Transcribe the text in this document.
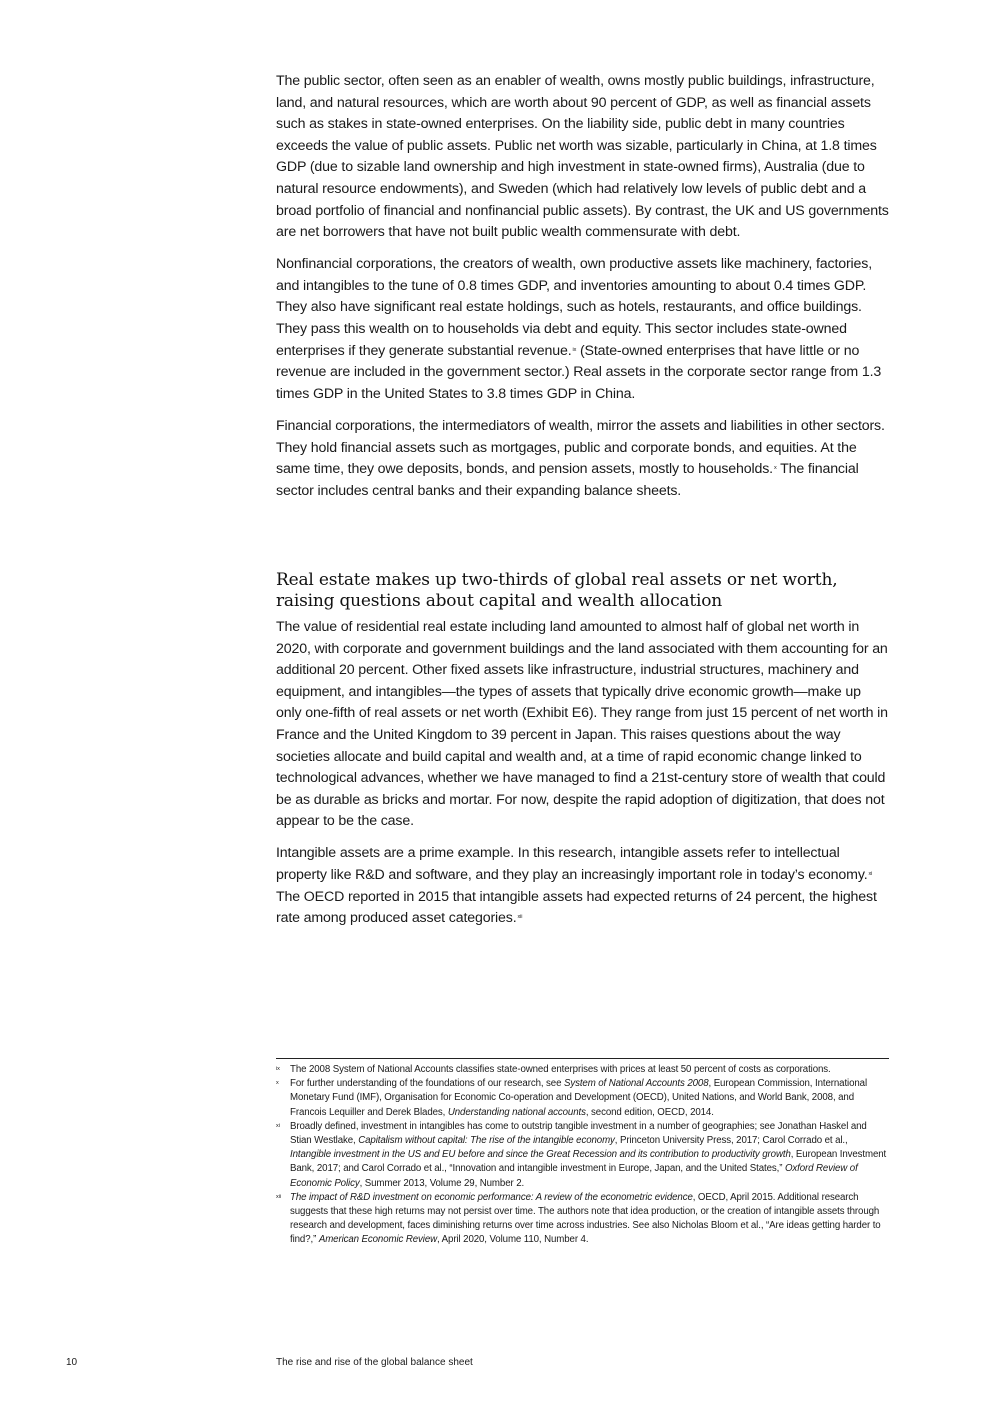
The public sector, often seen as an enabler of wealth, owns mostly public buildings, infrastructure, land, and natural resources, which are worth about 90 percent of GDP, as well as financial assets such as stakes in state-owned enterprises. On the liability side, public debt in many countries exceeds the value of public assets. Public net worth was sizable, particularly in China, at 1.8 times GDP (due to sizable land ownership and high investment in state-owned firms), Australia (due to natural resource endowments), and Sweden (which had relatively low levels of public debt and a broad portfolio of financial and nonfinancial public assets). By contrast, the UK and US governments are net borrowers that have not built public wealth commensurate with debt.

Nonfinancial corporations, the creators of wealth, own productive assets like machinery, factories, and intangibles to the tune of 0.8 times GDP, and inventories amounting to about 0.4 times GDP. They also have significant real estate holdings, such as hotels, restaurants, and office buildings. They pass this wealth on to households via debt and equity. This sector includes state-owned enterprises if they generate substantial revenue.$^{ix}$ (State-owned enterprises that have little or no revenue are included in the government sector.) Real assets in the corporate sector range from 1.3 times GDP in the United States to 3.8 times GDP in China.

Financial corporations, the intermediators of wealth, mirror the assets and liabilities in other sectors. They hold financial assets such as mortgages, public and corporate bonds, and equities. At the same time, they owe deposits, bonds, and pension assets, mostly to households.$^x$ The financial sector includes central banks and their expanding balance sheets.

Real estate makes up two-thirds of global real assets or net worth,
raising questions about capital and wealth allocation

The value of residential real estate including land amounted to almost half of global net worth in 2020, with corporate and government buildings and the land associated with them accounting for an additional 20 percent. Other fixed assets like infrastructure, industrial structures, machinery and equipment, and intangibles—the types of assets that typically drive economic growth—make up only one-fifth of real assets or net worth (Exhibit E6). They range from just 15 percent of net worth in France and the United Kingdom to 39 percent in Japan. This raises questions about the way societies allocate and build capital and wealth and, at a time of rapid economic change linked to technological advances, whether we have managed to find a 21st-century store of wealth that could be as durable as bricks and mortar. For now, despite the rapid adoption of digitization, that does not appear to be the case.

Intangible assets are a prime example. In this research, intangible assets refer to intellectual property like R&D and software, and they play an increasingly important role in today’s economy.$^{xi}$ The OECD reported in 2015 that intangible assets had expected returns of 24 percent, the highest rate among produced asset categories.$^{xii}$

ix The 2008 System of National Accounts classifies state-owned enterprises with prices at least 50 percent of costs as corporations.
x For further understanding of the foundations of our research, see System of National Accounts 2008, European Commission, International Monetary Fund (IMF), Organisation for Economic Co-operation and Development (OECD), United Nations, and World Bank, 2008, and Francois Lequiller and Derek Blades, Understanding national accounts, second edition, OECD, 2014.
xi Broadly defined, investment in intangibles has come to outstrip tangible investment in a number of geographies; see Jonathan Haskel and Stian Westlake, Capitalism without capital: The rise of the intangible economy, Princeton University Press, 2017; Carol Corrado et al., Intangible investment in the US and EU before and since the Great Recession and its contribution to productivity growth, European Investment Bank, 2017; and Carol Corrado et al., “Innovation and intangible investment in Europe, Japan, and the United States,” Oxford Review of Economic Policy, Summer 2013, Volume 29, Number 2.
xii The impact of R&D investment on economic performance: A review of the econometric evidence, OECD, April 2015. Additional research suggests that these high returns may not persist over time. The authors note that idea production, or the creation of intangible assets through research and development, faces diminishing returns over time across industries. See also Nicholas Bloom et al., “Are ideas getting harder to find?,” American Economic Review, April 2020, Volume 110, Number 4.
10	The rise and rise of the global balance sheet
